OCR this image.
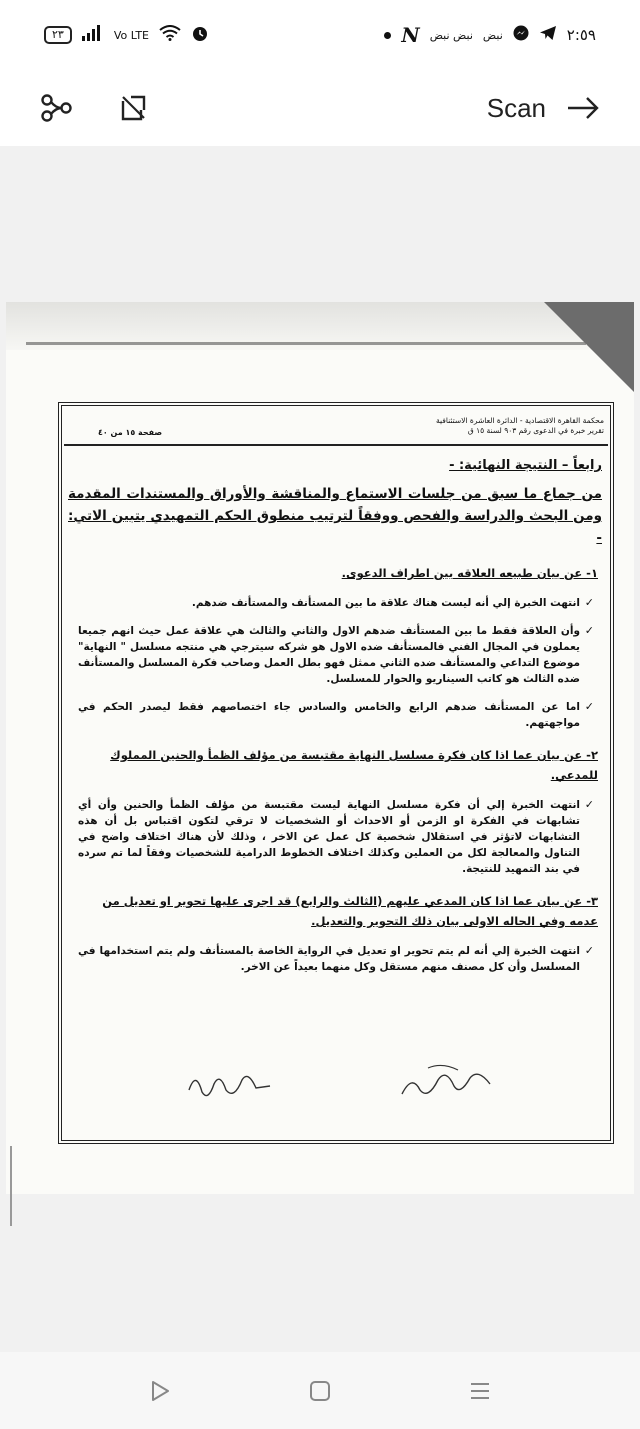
٢٣	Vo LTE	N نبض نبض نبض	٢:٥٩
Scan
محكمة القاهرة الاقتصادية - الدائرة العاشرة الاستئنافية
تقرير خبرة في الدعوى رقم ٩٠٣ لسنة ١٥ ق
صفحة ١٥ من ٤٠
رابعاً – النتيجة النهائية: -
من جماع ما سبق من جلسات الاستماع والمناقشة والأوراق والمستندات المقدمة ومن البحث والدراسة والفحص ووفقاً لترتيب منطوق الحكم التمهيدي يتبين الاتي: -
١- عن بيان طبيعه العلاقه بين اطراف الدعوى.
✓
انتهت الخبرة إلي أنه ليست هناك علاقة ما بين المستأنف والمستأنف ضدهم.
✓
وأن العلاقة فقط ما بين المستأنف ضدهم الاول والثاني والثالث هي علاقة عمل حيث انهم جميعا يعملون في المجال الفني فالمستأنف ضده الاول هو شركه سيترجي هي منتجه مسلسل " النهاية" موضوع التداعي والمستأنف ضده الثاني ممثل فهو بطل العمل وصاحب فكرة المسلسل والمستأنف ضده الثالث هو كاتب السيناريو والحوار للمسلسل.
✓
اما عن المستأنف ضدهم الرابع والخامس والسادس جاء اختصاصهم فقط ليصدر الحكم في مواجهتهم.
٢- عن بيان عما اذا كان فكرة مسلسل النهاية مقتبسة من مؤلف الظمأ والحنين المملوك للمدعي.
✓
انتهت الخبرة إلي أن فكرة مسلسل النهاية ليست مقتبسة من مؤلف الظمأ والحنين وأن أي تشابهات في الفكرة او الزمن أو الاحداث أو الشخصيات لا ترقي لتكون اقتباس بل أن هذه التشابهات لاتؤثر في استقلال شخصية كل عمل عن الاخر ، وذلك لأن هناك اختلاف واضح في التناول والمعالجة لكل من العملين وكذلك اختلاف الخطوط الدرامية للشخصيات وفقاً لما تم سرده في بند التمهيد للنتيجة.
٣- عن بيان عما اذا كان المدعي عليهم (الثالث والرابع) قد اجرى عليها تحوير او تعديل من عدمه وفي الحاله الاولى بيان ذلك التحوير والتعديل.
✓
انتهت الخبرة إلي أنه لم يتم تحوير او تعديل في الرواية الخاصة بالمستأنف ولم يتم استخدامها في المسلسل وأن كل مصنف منهم مستقل وكل منهما بعيداً عن الاخر.
